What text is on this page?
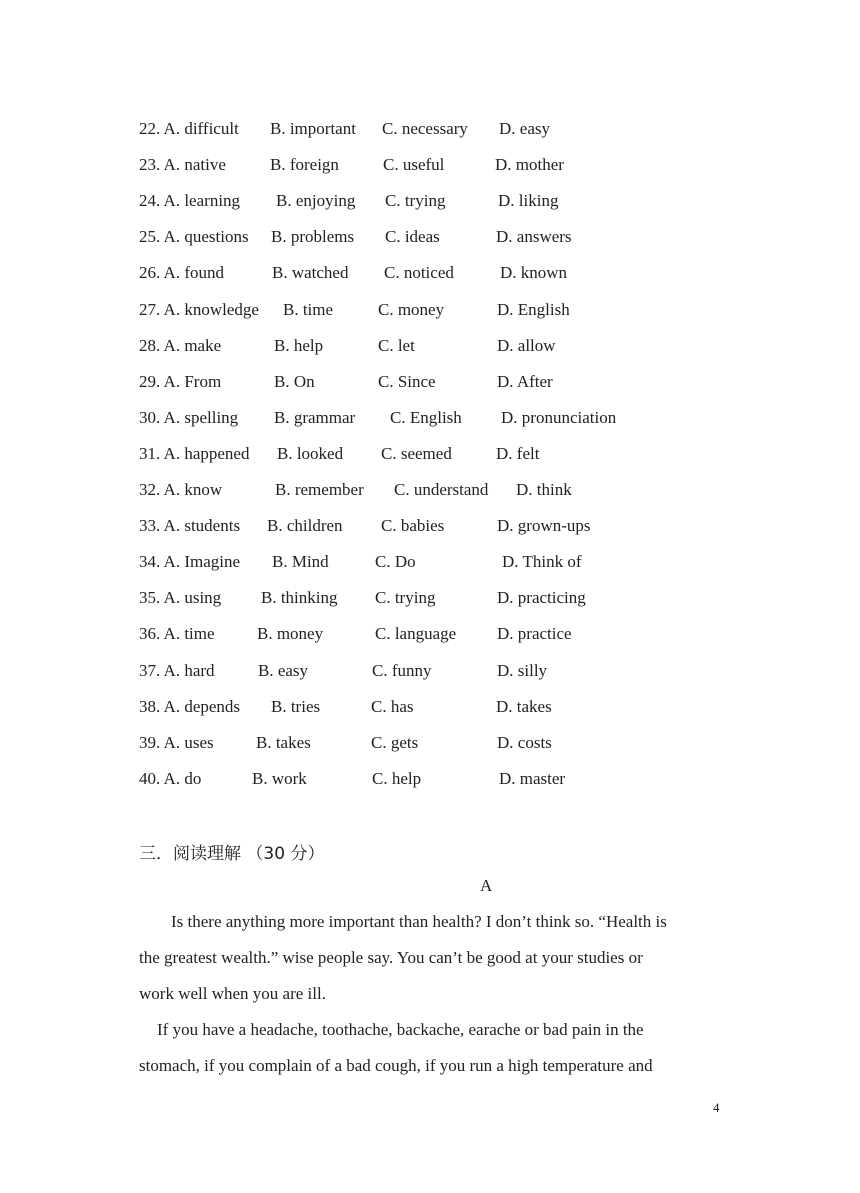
22. A. difficult B. important C. necessary D. easy
23. A. native	B. foreign	C. useful	D. mother
24. A. learning B. enjoying C. trying	D. liking
25. A. questions B. problems C. ideas	D. answers
26. A. found	B. watched C. noticed	D. known
27. A. knowledge B. time	C. money	D. English
28. A. make	B. help	C. let	D. allow
29. A. From	B. On	C. Since	D. After
30. A. spelling B. grammar C. English D. pronunciation
31. A. happened B. looked C. seemed	D. felt
32. A. know	B. remember C. understand D. think
33. A. students B. children C. babies	D. grown-ups
34. A. Imagine B. Mind	C. Do	D. Think of
35. A. using B. thinking C. trying	D. practicing
36. A. time B. money	C. language D. practice
37. A. hard	B. easy	C. funny	D. silly
38. A. depends B. tries	C. has	D. takes
39. A. uses B. takes	C. gets	D. costs
40. A. do	B. work	C. help	D. master
三．阅读理解 （30 分）
A
Is there anything more important than health? I don’t think so. “Health is
the greatest wealth.” wise people say. You can’t be good at your studies or
work well when you are ill.
If you have a headache, toothache, backache, earache or bad pain in the
stomach, if you complain of a bad cough, if you run a high temperature and
4
